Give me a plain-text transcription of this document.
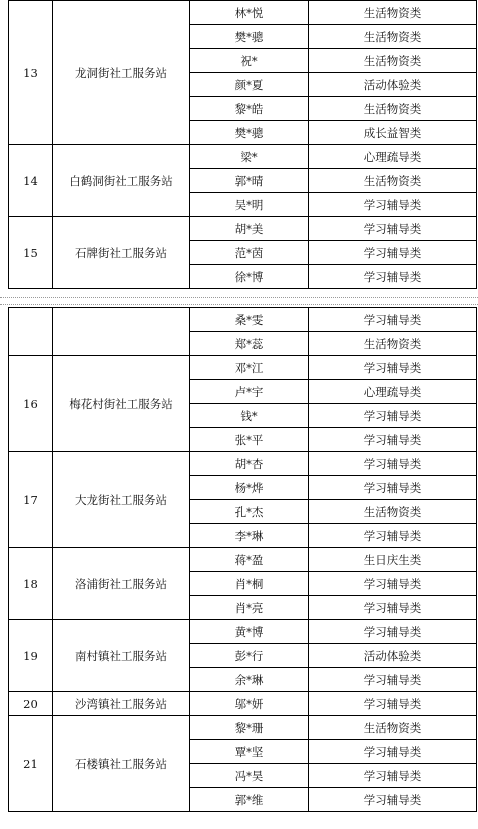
13	龙洞街社工服务站	林*悦	生活物资类
		樊*骢	生活物资类
		祝*	生活物资类
		颜*夏	活动体验类
		黎*皓	生活物资类
		樊*骢	成长益智类
14	白鹤洞街社工服务站	梁*	心理疏导类
		郭*晴	生活物资类
		吴*明	学习辅导类
15	石牌街社工服务站	胡*美	学习辅导类
		范*茵	学习辅导类
		徐*博	学习辅导类
		桑*雯	学习辅导类
		郑*蕊	生活物资类
16	梅花村街社工服务站	邓*江	学习辅导类
		卢*宇	心理疏导类
		钱*	学习辅导类
		张*平	学习辅导类
17	大龙街社工服务站	胡*杏	学习辅导类
		杨*烨	学习辅导类
		孔*杰	生活物资类
		李*琳	学习辅导类
18	洛浦街社工服务站	蒋*盈	生日庆生类
		肖*桐	学习辅导类
		肖*亮	学习辅导类
19	南村镇社工服务站	黄*博	学习辅导类
		彭*行	活动体验类
		余*琳	学习辅导类
20	沙湾镇社工服务站	邬*妍	学习辅导类
21	石楼镇社工服务站	黎*珊	生活物资类
		覃*坚	学习辅导类
		冯*昊	学习辅导类
		郭*维	学习辅导类
